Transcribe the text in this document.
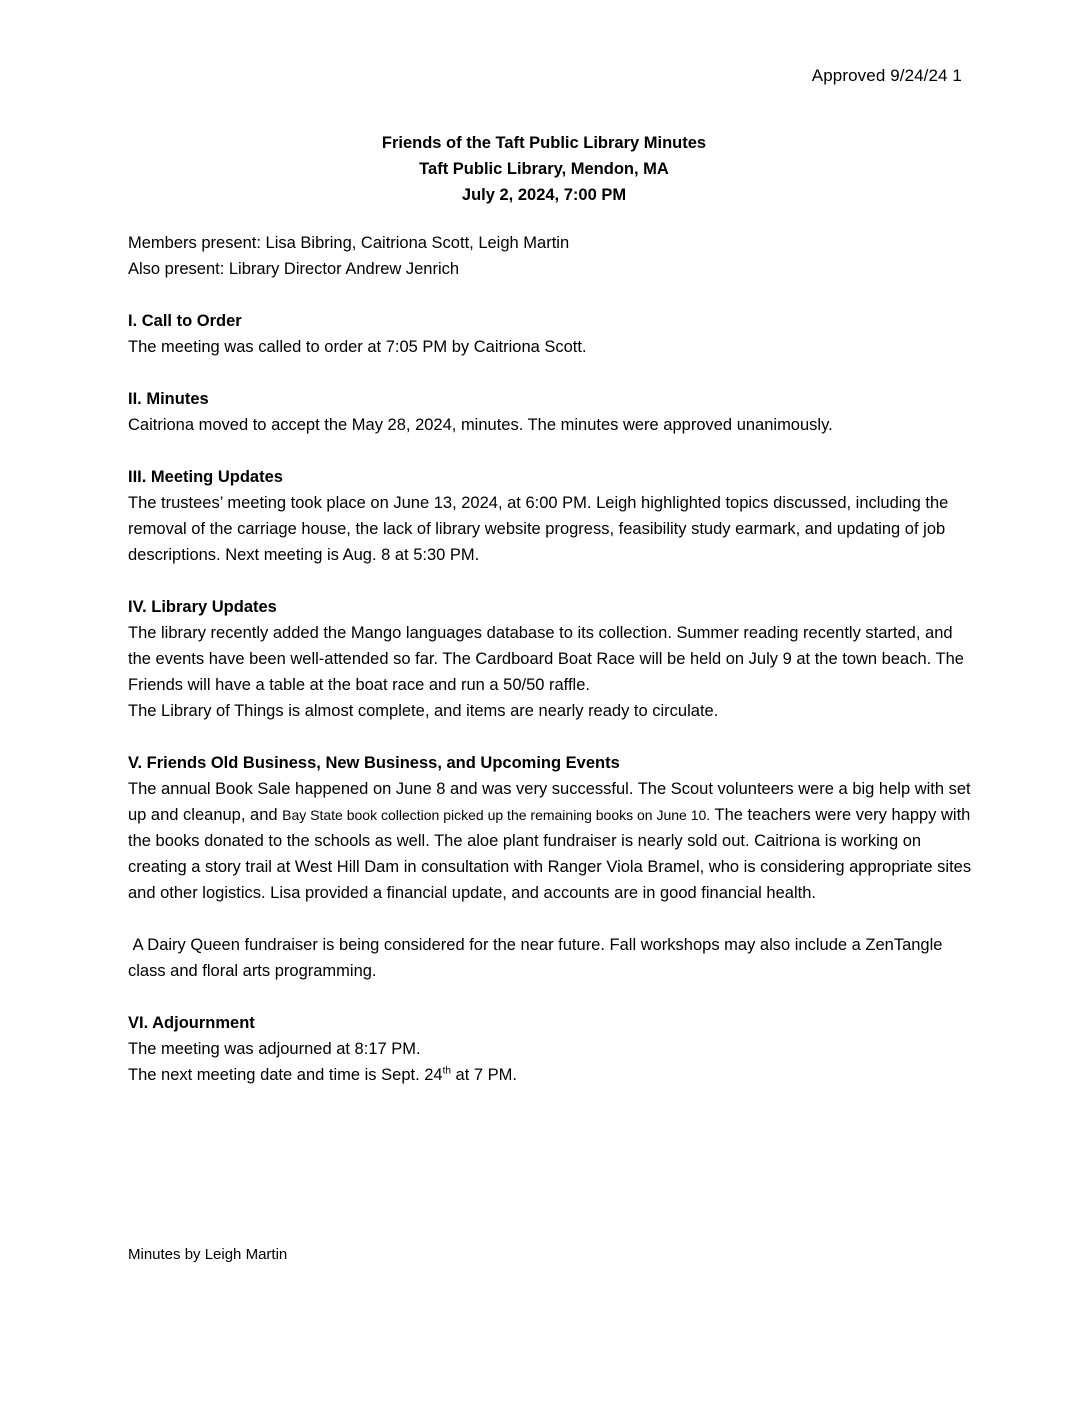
Approved 9/24/24 1
Friends of the Taft Public Library Minutes
Taft Public Library, Mendon, MA
July 2, 2024, 7:00 PM

Members present: Lisa Bibring, Caitriona Scott, Leigh Martin

Also present: Library Director Andrew Jenrich

I. Call to Order

The meeting was called to order at 7:05 PM by Caitriona Scott.

II. Minutes

Caitriona moved to accept the May 28, 2024, minutes. The minutes were approved unanimously.

III. Meeting Updates

The trustees’ meeting took place on June 13, 2024, at 6:00 PM. Leigh highlighted topics discussed, including the removal of the carriage house, the lack of library website progress, feasibility study earmark, and updating of job descriptions. Next meeting is Aug. 8 at 5:30 PM.

IV. Library Updates

The library recently added the Mango languages database to its collection. Summer reading recently started, and the events have been well-attended so far. The Cardboard Boat Race will be held on July 9 at the town beach. The Friends will have a table at the boat race and run a 50/50 raffle.

The Library of Things is almost complete, and items are nearly ready to circulate.

V. Friends Old Business, New Business, and Upcoming Events

The annual Book Sale happened on June 8 and was very successful. The Scout volunteers were a big help with set up and cleanup, and Bay State book collection picked up the remaining books on June 10. The teachers were very happy with the books donated to the schools as well. The aloe plant fundraiser is nearly sold out. Caitriona is working on creating a story trail at West Hill Dam in consultation with Ranger Viola Bramel, who is considering appropriate sites and other logistics. Lisa provided a financial update, and accounts are in good financial health.

A Dairy Queen fundraiser is being considered for the near future. Fall workshops may also include a ZenTangle class and floral arts programming.

VI. Adjournment

The meeting was adjourned at 8:17 PM.

The next meeting date and time is Sept. 24th at 7 PM.

Minutes by Leigh Martin
